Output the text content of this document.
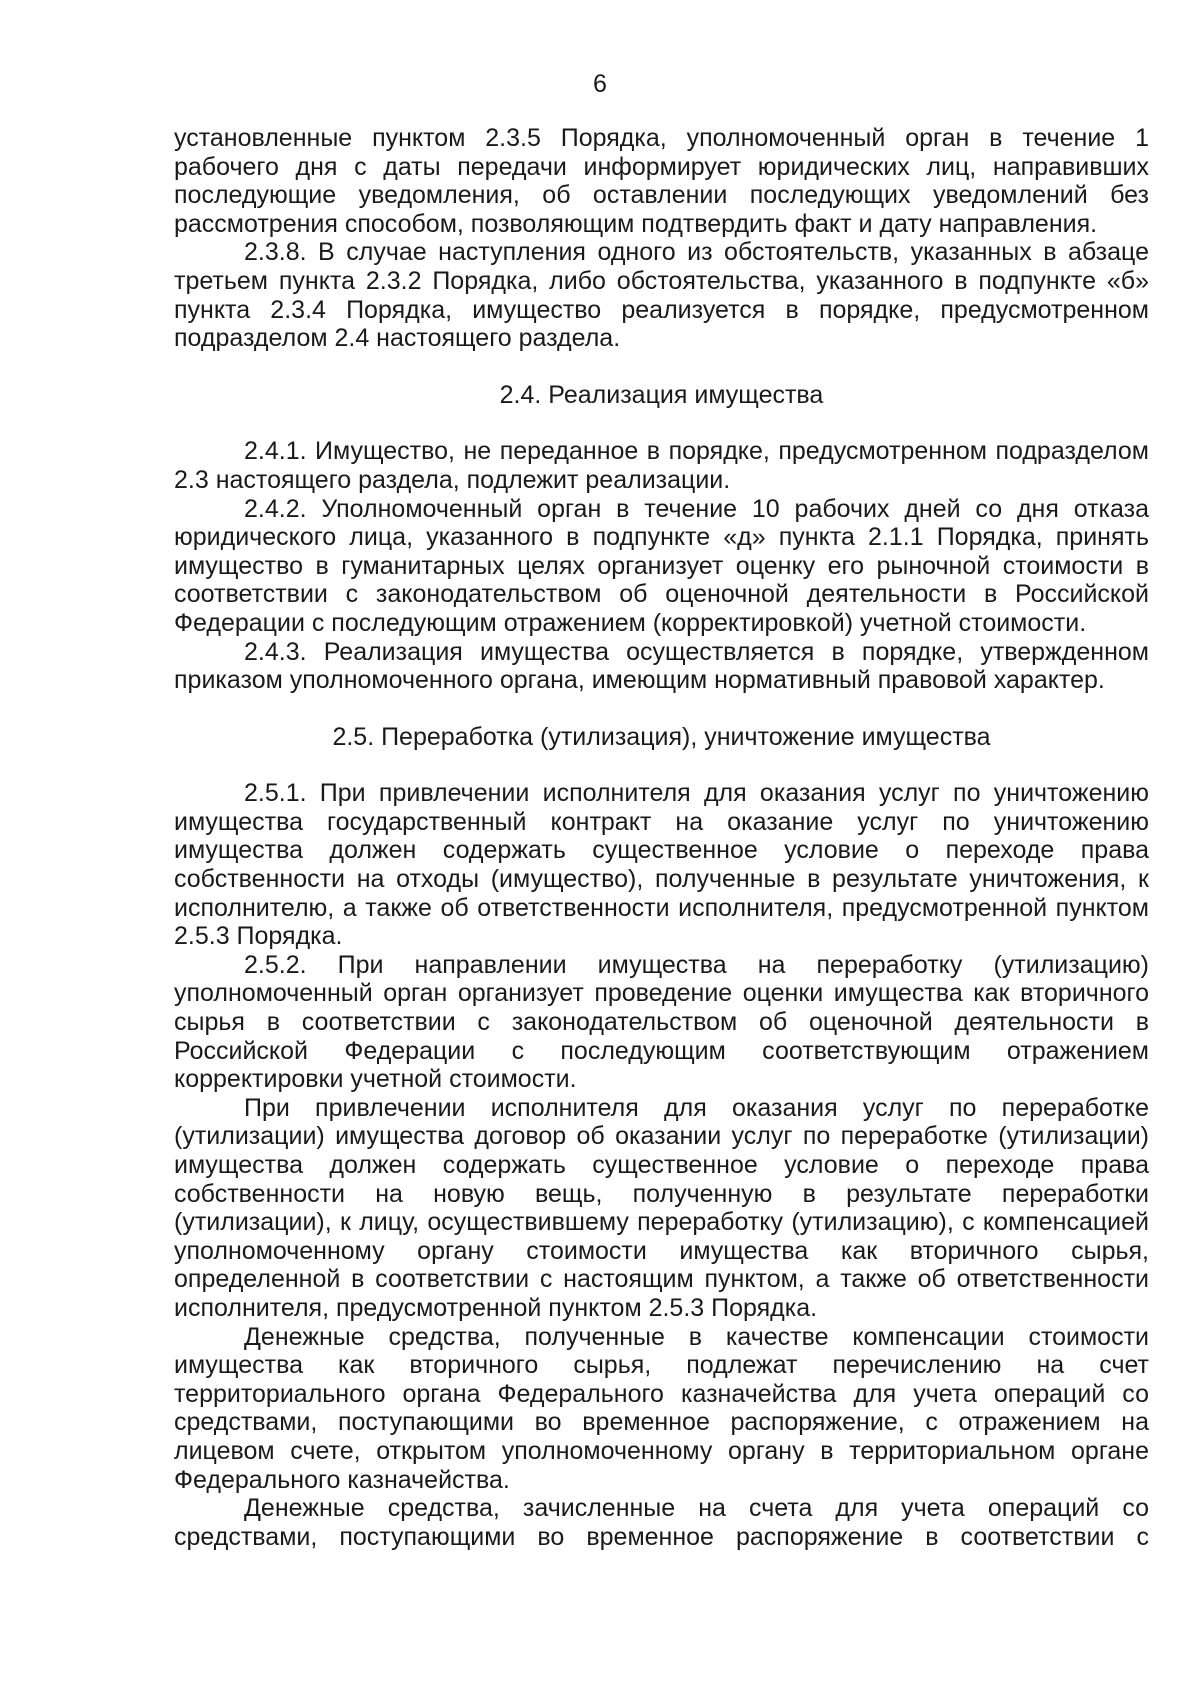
6

установленные пунктом 2.3.5 Порядка, уполномоченный орган в течение 1 рабочего дня с даты передачи информирует юридических лиц, направивших последующие уведомления, об оставлении последующих уведомлений без рассмотрения способом, позволяющим подтвердить факт и дату направления.

2.3.8. В случае наступления одного из обстоятельств, указанных в абзаце третьем пункта 2.3.2 Порядка, либо обстоятельства, указанного в подпункте «б» пункта 2.3.4 Порядка, имущество реализуется в порядке, предусмотренном подразделом 2.4 настоящего раздела.

2.4. Реализация имущества

2.4.1. Имущество, не переданное в порядке, предусмотренном подразделом 2.3 настоящего раздела, подлежит реализации.

2.4.2. Уполномоченный орган в течение 10 рабочих дней со дня отказа юридического лица, указанного в подпункте «д» пункта 2.1.1 Порядка, принять имущество в гуманитарных целях организует оценку его рыночной стоимости в соответствии с законодательством об оценочной деятельности в Российской Федерации с последующим отражением (корректировкой) учетной стоимости.

2.4.3. Реализация имущества осуществляется в порядке, утвержденном приказом уполномоченного органа, имеющим нормативный правовой характер.

2.5. Переработка (утилизация), уничтожение имущества

2.5.1. При привлечении исполнителя для оказания услуг по уничтожению имущества государственный контракт на оказание услуг по уничтожению имущества должен содержать существенное условие о переходе права собственности на отходы (имущество), полученные в результате уничтожения, к исполнителю, а также об ответственности исполнителя, предусмотренной пунктом 2.5.3 Порядка.

2.5.2. При направлении имущества на переработку (утилизацию) уполномоченный орган организует проведение оценки имущества как вторичного сырья в соответствии с законодательством об оценочной деятельности в Российской Федерации с последующим соответствующим отражением корректировки учетной стоимости.

При привлечении исполнителя для оказания услуг по переработке (утилизации) имущества договор об оказании услуг по переработке (утилизации) имущества должен содержать существенное условие о переходе права собственности на новую вещь, полученную в результате переработки (утилизации), к лицу, осуществившему переработку (утилизацию), с компенсацией уполномоченному органу стоимости имущества как вторичного сырья, определенной в соответствии с настоящим пунктом, а также об ответственности исполнителя, предусмотренной пунктом 2.5.3 Порядка.

Денежные средства, полученные в качестве компенсации стоимости имущества как вторичного сырья, подлежат перечислению на счет территориального органа Федерального казначейства для учета операций со средствами, поступающими во временное распоряжение, с отражением на лицевом счете, открытом уполномоченному органу в территориальном органе Федерального казначейства.

Денежные средства, зачисленные на счета для учета операций со средствами, поступающими во временное распоряжение в соответствии с
